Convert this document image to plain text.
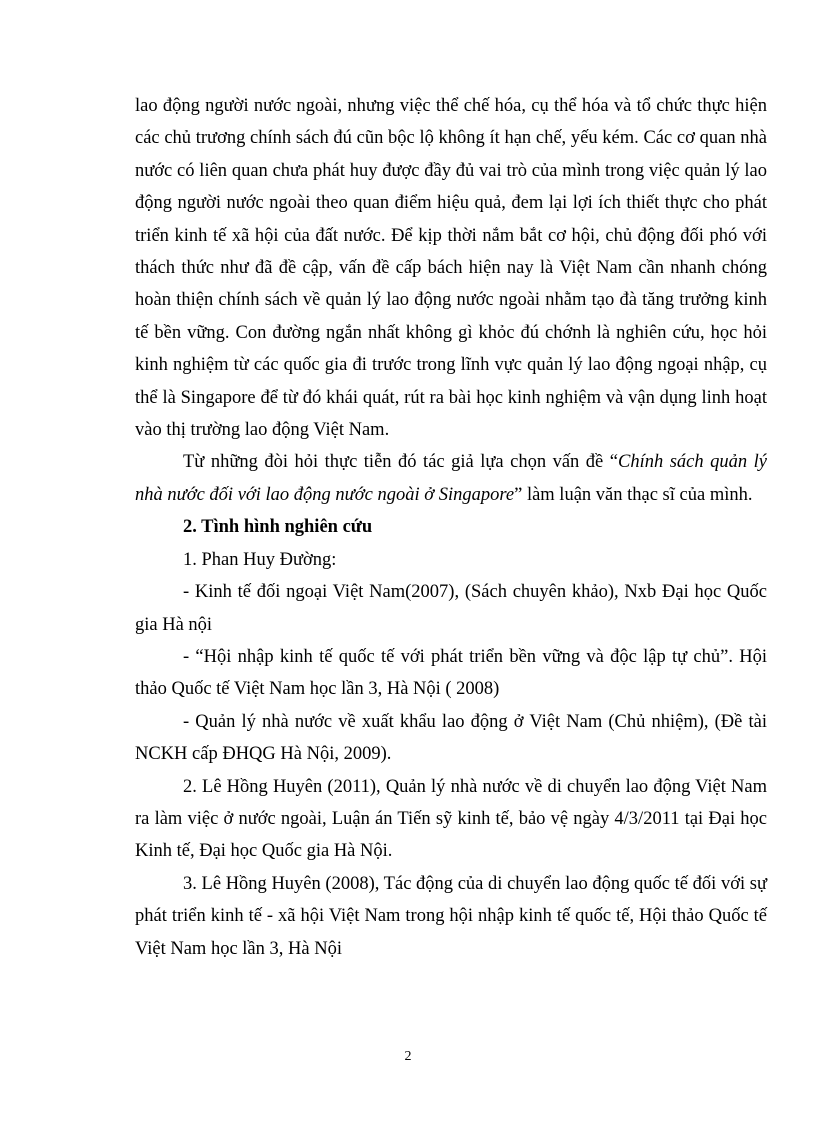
lao động người nước ngoài, nhưng việc thể chế hóa, cụ thể hóa và tổ chức thực hiện các chủ trương chính sách đú cũn bộc lộ không ít hạn chế, yếu kém. Các cơ quan nhà nước có liên quan chưa phát huy được đầy đủ vai trò của mình trong việc quản lý lao động người nước ngoài theo quan điểm hiệu quả, đem lại lợi ích thiết thực cho phát triển kinh tế xã hội của đất nước. Để kịp thời nắm bắt cơ hội, chủ động đối phó với thách thức như đã đề cập, vấn đề cấp bách hiện nay là Việt Nam cần nhanh chóng hoàn thiện chính sách về quản lý lao động nước ngoài nhằm tạo đà tăng trưởng kinh tế bền vững. Con đường ngắn nhất không gì khỏc đú chớnh là nghiên cứu, học hỏi kinh nghiệm từ các quốc gia đi trước trong lĩnh vực quản lý lao động ngoại nhập, cụ thể là Singapore để từ đó khái quát, rút ra bài học kinh nghiệm và vận dụng linh hoạt vào thị trường lao động Việt Nam.

Từ những đòi hỏi thực tiễn đó tác giả lựa chọn vấn đề “Chính sách quản lý nhà nước đối với lao động nước ngoài ở Singapore” làm luận văn thạc sĩ của mình.

2. Tình hình nghiên cứu

1. Phan Huy Đường:

- Kinh tế đối ngoại Việt Nam(2007), (Sách chuyên khảo), Nxb Đại học Quốc gia Hà nội

- “Hội nhập kinh tế quốc tế với phát triển bền vững và độc lập tự chủ”. Hội thảo Quốc tế Việt Nam học lần 3, Hà Nội ( 2008)

- Quản lý nhà nước về xuất khẩu lao động ở Việt Nam (Chủ nhiệm), (Đề tài NCKH cấp ĐHQG Hà Nội, 2009).

2. Lê Hồng Huyên (2011), Quản lý nhà nước về di chuyển lao động Việt Nam ra làm việc ở nước ngoài, Luận án Tiến sỹ kinh tế, bảo vệ ngày 4/3/2011 tại Đại học Kinh tế, Đại học Quốc gia Hà Nội.

3. Lê Hồng Huyên (2008), Tác động của di chuyển lao động quốc tế đối với sự phát triển kinh tế - xã hội Việt Nam trong hội nhập kinh tế quốc tế, Hội thảo Quốc tế Việt Nam học lần 3, Hà Nội

2
